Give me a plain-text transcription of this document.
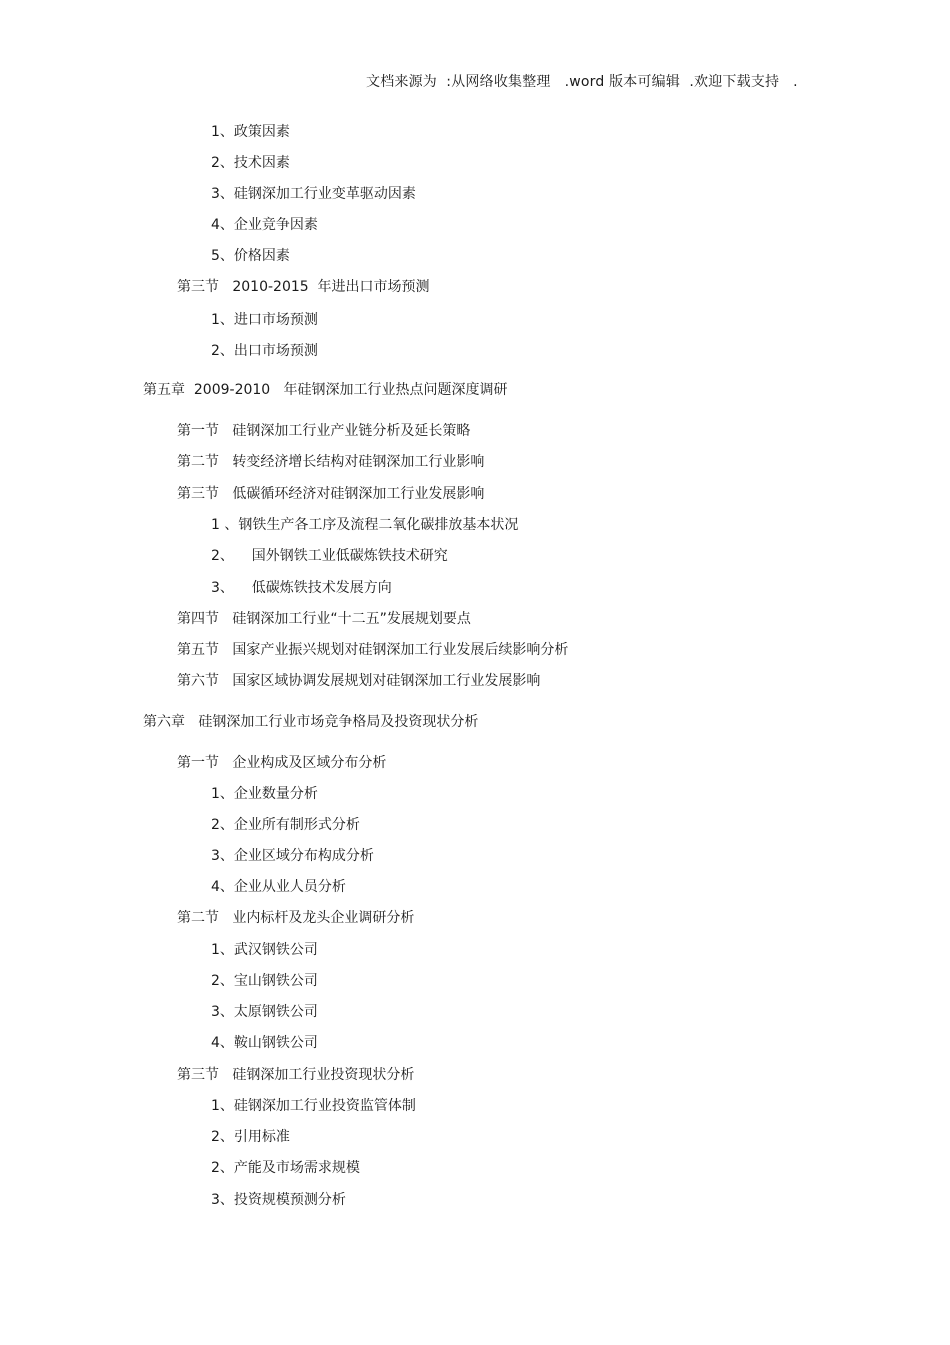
文档来源为  :从网络收集整理   .word 版本可编辑  .欢迎下载支持   .
1、政策因素
2、技术因素
3、硅钢深加工行业变革驱动因素
4、企业竞争因素
5、价格因素
第三节   2010-2015  年进出口市场预测
1、进口市场预测
2、出口市场预测
第五章  2009-2010   年硅钢深加工行业热点问题深度调研
第一节   硅钢深加工行业产业链分析及延长策略
第二节   转变经济增长结构对硅钢深加工行业影响
第三节   低碳循环经济对硅钢深加工行业发展影响
1 、钢铁生产各工序及流程二氧化碳排放基本状况
2、    国外钢铁工业低碳炼铁技术研究
3、    低碳炼铁技术发展方向
第四节   硅钢深加工行业“十二五”发展规划要点
第五节   国家产业振兴规划对硅钢深加工行业发展后续影响分析
第六节   国家区域协调发展规划对硅钢深加工行业发展影响
第六章   硅钢深加工行业市场竞争格局及投资现状分析
第一节   企业构成及区域分布分析
1、企业数量分析
2、企业所有制形式分析
3、企业区域分布构成分析
4、企业从业人员分析
第二节   业内标杆及龙头企业调研分析
1、武汉钢铁公司
2、宝山钢铁公司
3、太原钢铁公司
4、鞍山钢铁公司
第三节   硅钢深加工行业投资现状分析
1、硅钢深加工行业投资监管体制
2、引用标准
2、产能及市场需求规模
3、投资规模预测分析
